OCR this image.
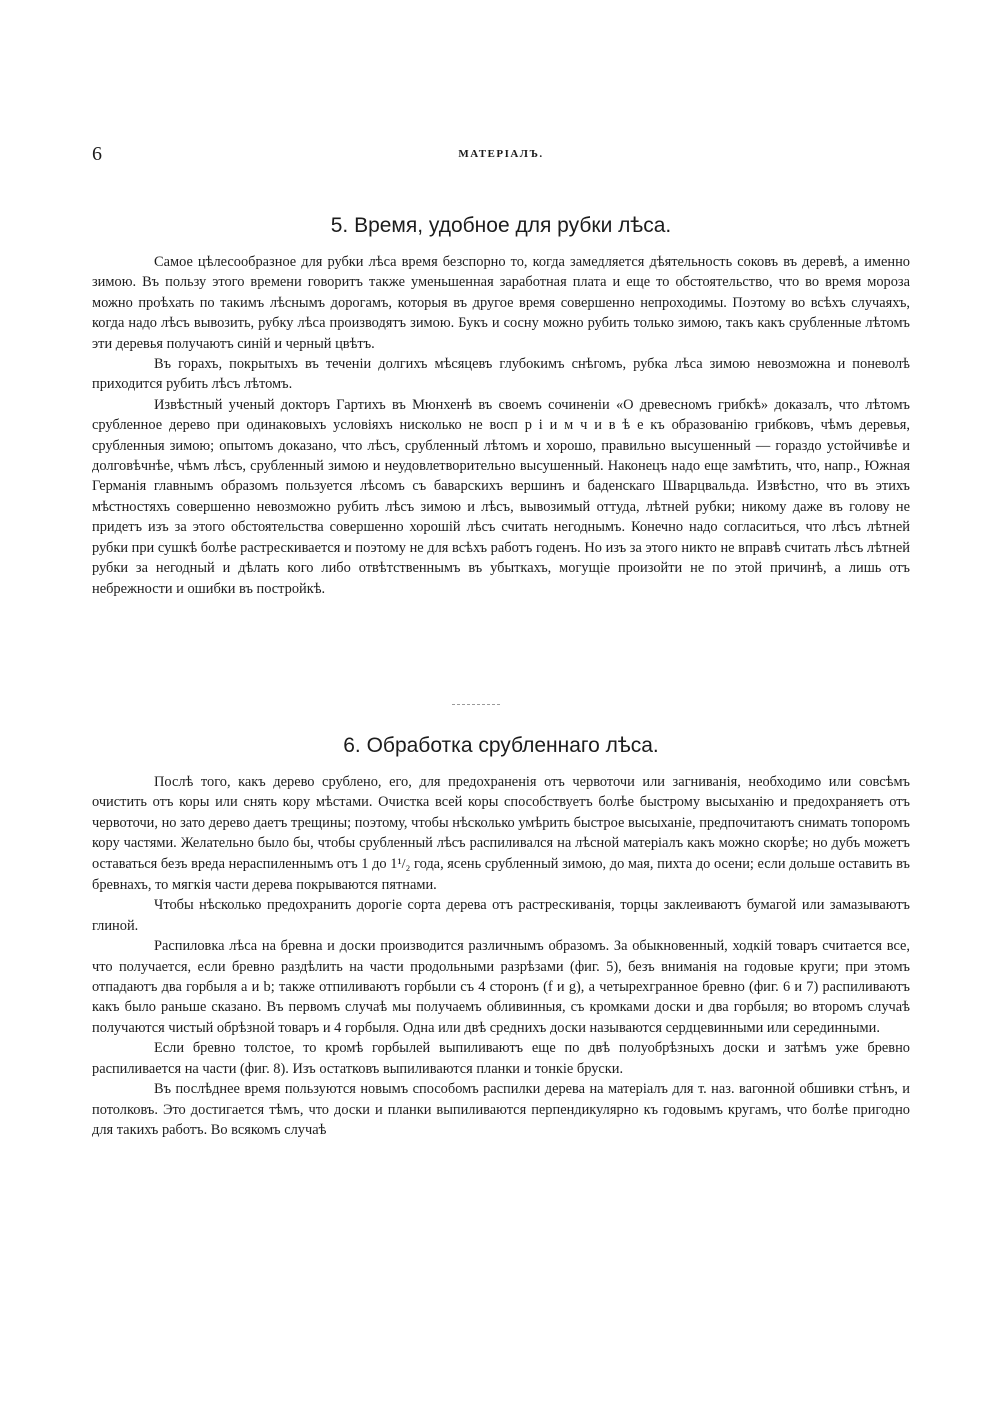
6	МАТЕРІАЛЪ.
5. Время, удобное для рубки лѣса.

Самое цѣлесообразное для рубки лѣса время безспорно то, когда замедляется дѣятельность соковъ въ деревѣ, а именно зимою. Въ пользу этого времени говоритъ также уменьшенная заработная плата и еще то обстоятельство, что во время мороза можно проѣхать по такимъ лѣснымъ дорогамъ, которыя въ другое время совершенно непроходимы. Поэтому во всѣхъ случаяхъ, когда надо лѣсъ вывозить, рубку лѣса производятъ зимою. Букъ и сосну можно рубить только зимою, такъ какъ срубленные лѣтомъ эти деревья получаютъ синій и черный цвѣтъ.

Въ горахъ, покрытыхъ въ теченіи долгихъ мѣсяцевъ глубокимъ снѣгомъ, рубка лѣса зимою невозможна и поневолѣ приходится рубить лѣсъ лѣтомъ.

Извѣстный ученый докторъ Гартихъ въ Мюнхенѣ въ своемъ сочиненіи «О древесномъ грибкѣ» доказалъ, что лѣтомъ срубленное дерево при одинаковыхъ условіяхъ нисколько не восп р і и м ч и в ѣ е къ образованію грибковъ, чѣмъ деревья, срубленныя зимою; опытомъ доказано, что лѣсъ, срубленный лѣтомъ и хорошо, правильно высушенный — гораздо устойчивѣе и долговѣчнѣе, чѣмъ лѣсъ, срубленный зимою и неудовлетворительно высушенный. Наконецъ надо еще замѣтить, что, напр., Южная Германія главнымъ образомъ пользуется лѣсомъ съ баварскихъ вершинъ и баденскаго Шварцвальда. Извѣстно, что въ этихъ мѣстностяхъ совершенно невозможно рубить лѣсъ зимою и лѣсъ, вывозимый оттуда, лѣтней рубки; никому даже въ голову не придетъ изъ за этого обстоятельства совершенно хорошій лѣсъ считать негоднымъ. Конечно надо согласиться, что лѣсъ лѣтней рубки при сушкѣ болѣе растрескивается и поэтому не для всѣхъ работъ годенъ. Но изъ за этого никто не вправѣ считать лѣсъ лѣтней рубки за негодный и дѣлать кого либо отвѣтственнымъ въ убыткахъ, могущіе произойти не по этой причинѣ, а лишь отъ небрежности и ошибки въ постройкѣ.

6. Обработка срубленнаго лѣса.

Послѣ того, какъ дерево срублено, его, для предохраненія отъ червоточи или загниванія, необходимо или совсѣмъ очистить отъ коры или снять кору мѣстами. Очистка всей коры способствуетъ болѣе быстрому высыханію и предохраняетъ отъ червоточи, но зато дерево даетъ трещины; поэтому, чтобы нѣсколько умѣрить быстрое высыханіе, предпочитаютъ снимать топоромъ кору частями. Желательно было бы, чтобы срубленный лѣсъ распиливался на лѣсной матеріалъ какъ можно скорѣе; но дубъ можетъ оставаться безъ вреда нераспиленнымъ отъ 1 до 1¹/₂ года, ясень срубленный зимою, до мая, пихта до осени; если дольше оставить въ бревнахъ, то мягкія части дерева покрываются пятнами.

Чтобы нѣсколько предохранить дорогіе сорта дерева отъ растрескиванія, торцы заклеиваютъ бумагой или замазываютъ глиной.

Распиловка лѣса на бревна и доски производится различнымъ образомъ. За обыкновенный, ходкій товаръ считается все, что получается, если бревно раздѣлить на части продольными разрѣзами (фиг. 5), безъ вниманія на годовые круги; при этомъ отпадаютъ два горбыля a и b; также отпиливаютъ горбыли съ 4 сторонъ (f и g), а четырехгранное бревно (фиг. 6 и 7) распиливаютъ какъ было раньше сказано. Въ первомъ случаѣ мы получаемъ обливинныя, съ кромками доски и два горбыля; во второмъ случаѣ получаются чистый обрѣзной товаръ и 4 горбыля. Одна или двѣ среднихъ доски называются сердцевинными или серединными.

Если бревно толстое, то кромѣ горбылей выпиливаютъ еще по двѣ полуобрѣзныхъ доски и затѣмъ уже бревно распиливается на части (фиг. 8). Изъ остатковъ выпиливаются планки и тонкіе бруски.

Въ послѣднее время пользуются новымъ способомъ распилки дерева на матеріалъ для т. наз. вагонной обшивки стѣнъ, и потолковъ. Это достигается тѣмъ, что доски и планки выпиливаются перпендикулярно къ годовымъ кругамъ, что болѣе пригодно для такихъ работъ. Во всякомъ случаѣ
